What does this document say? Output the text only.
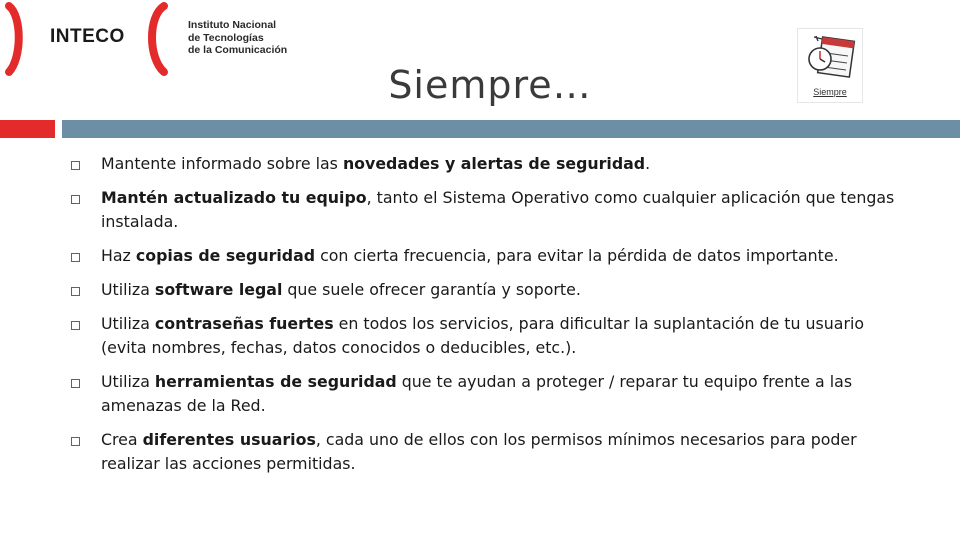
INTECO
Instituto Nacional
de Tecnologías
de la Comunicación
Siempre…	Siempre
Mantente informado sobre las novedades y alertas de seguridad.
Mantén actualizado tu equipo, tanto el Sistema Operativo como cualquier aplicación que tengas instalada.
Haz copias de seguridad con cierta frecuencia, para evitar la pérdida de datos importante.
Utiliza software legal que suele ofrecer garantía y soporte.
Utiliza contraseñas fuertes en todos los servicios, para dificultar la suplantación de tu usuario (evita nombres, fechas, datos conocidos o deducibles, etc.).
Utiliza herramientas de seguridad que te ayudan a proteger / reparar tu equipo frente a las amenazas de la Red.
Crea diferentes usuarios, cada uno de ellos con los permisos mínimos necesarios para poder realizar las acciones permitidas.
